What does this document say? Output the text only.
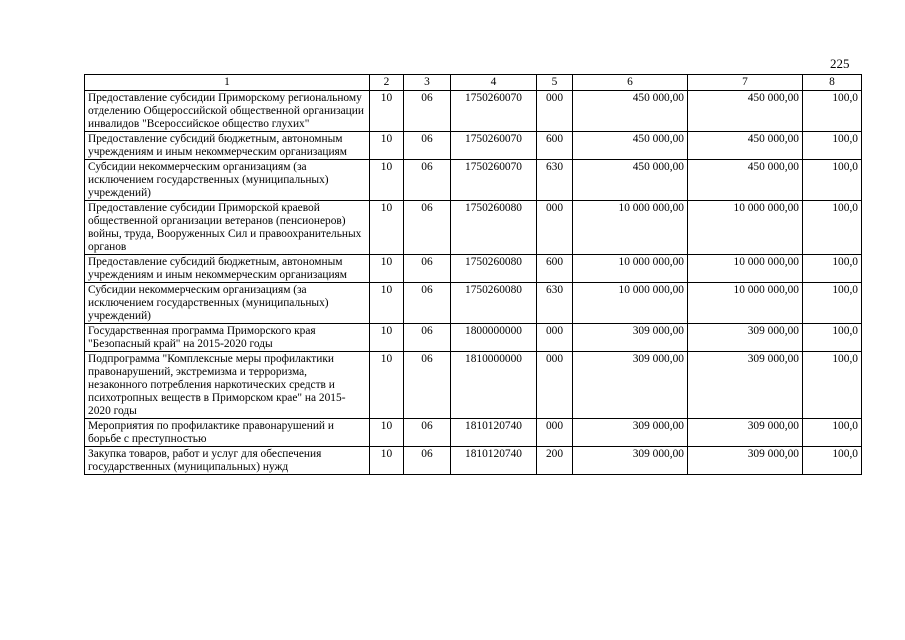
225
1	2	3	4	5	6	7	8
Предоставление субсидии Приморскому региональному отделению Общероссийской общественной организации инвалидов "Всероссийское общество глухих"	10	06	1750260070	000	450 000,00	450 000,00	100,0
Предоставление субсидий бюджетным, автономным учреждениям и иным некоммерческим организациям	10	06	1750260070	600	450 000,00	450 000,00	100,0
Субсидии некоммерческим организациям (за исключением государственных (муниципальных) учреждений)	10	06	1750260070	630	450 000,00	450 000,00	100,0
Предоставление субсидии Приморской краевой общественной организации ветеранов (пенсионеров) войны, труда, Вооруженных Сил и правоохранительных органов	10	06	1750260080	000	10 000 000,00	10 000 000,00	100,0
Предоставление субсидий бюджетным, автономным учреждениям и иным некоммерческим организациям	10	06	1750260080	600	10 000 000,00	10 000 000,00	100,0
Субсидии некоммерческим организациям (за исключением государственных (муниципальных) учреждений)	10	06	1750260080	630	10 000 000,00	10 000 000,00	100,0
Государственная программа Приморского края "Безопасный край" на 2015-2020 годы	10	06	1800000000	000	309 000,00	309 000,00	100,0
Подпрограмма "Комплексные меры профилактики правонарушений, экстремизма и терроризма, незаконного потребления наркотических средств и психотропных веществ в Приморском крае" на 2015-2020 годы	10	06	1810000000	000	309 000,00	309 000,00	100,0
Мероприятия по профилактике правонарушений и борьбе с преступностью	10	06	1810120740	000	309 000,00	309 000,00	100,0
Закупка товаров, работ и услуг для обеспечения государственных (муниципальных) нужд	10	06	1810120740	200	309 000,00	309 000,00	100,0
